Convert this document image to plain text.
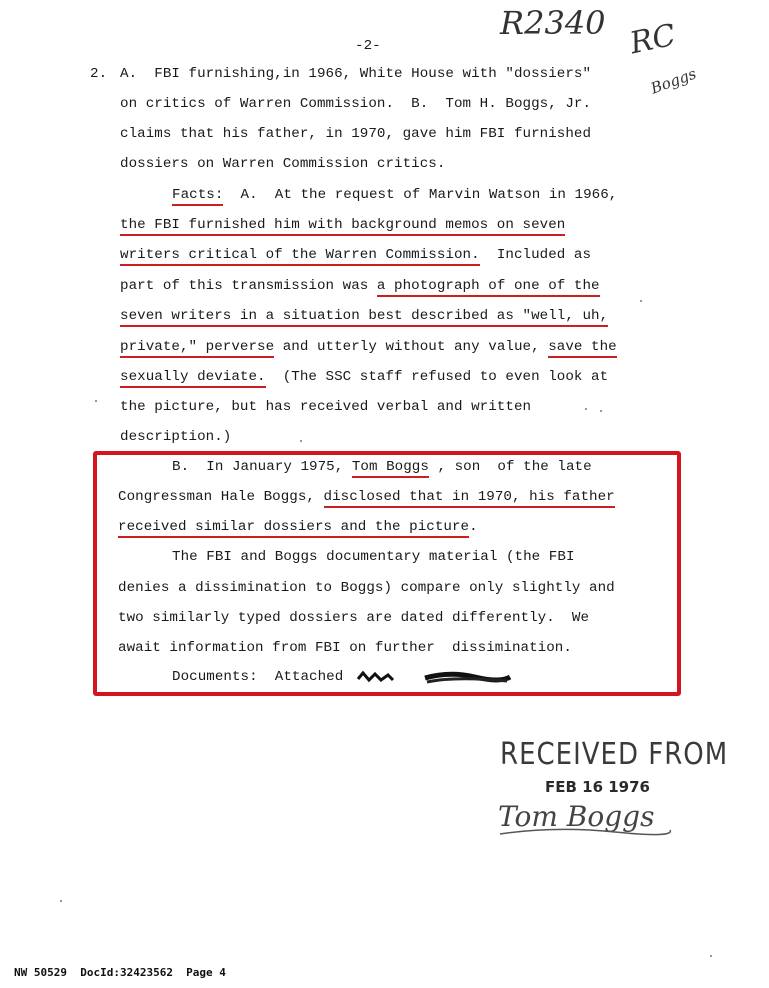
-2-
R2340 RC
Boggs
2. A.  FBI furnishing,in 1966, White House with "dossiers"
on critics of Warren Commission.  B.  Tom H. Boggs, Jr.
claims that his father, in 1970, gave him FBI furnished
dossiers on Warren Commission critics.
Facts:  A.  At the request of Marvin Watson in 1966,
the FBI furnished him with background memos on seven
writers critical of the Warren Commission.  Included as
part of this transmission was a photograph of one of the
seven writers in a situation best described as "well, uh,
private," perverse and utterly without any value, save the
sexually deviate.  (The SSC staff refused to even look at
the picture, but has received verbal and written
description.)
B.  In January 1975, Tom Boggs , son  of the late
Congressman Hale Boggs, disclosed that in 1970, his father
received similar dossiers and the picture.
The FBI and Boggs documentary material (the FBI
denies a dissimination to Boggs) compare only slightly and
two similarly typed dossiers are dated differently.  We
await information from FBI on further  dissimination.
Documents:  Attached
RECEIVED FROM
FEB 16 1976
Tom Boggs
NW 50529  DocId:32423562  Page 4
